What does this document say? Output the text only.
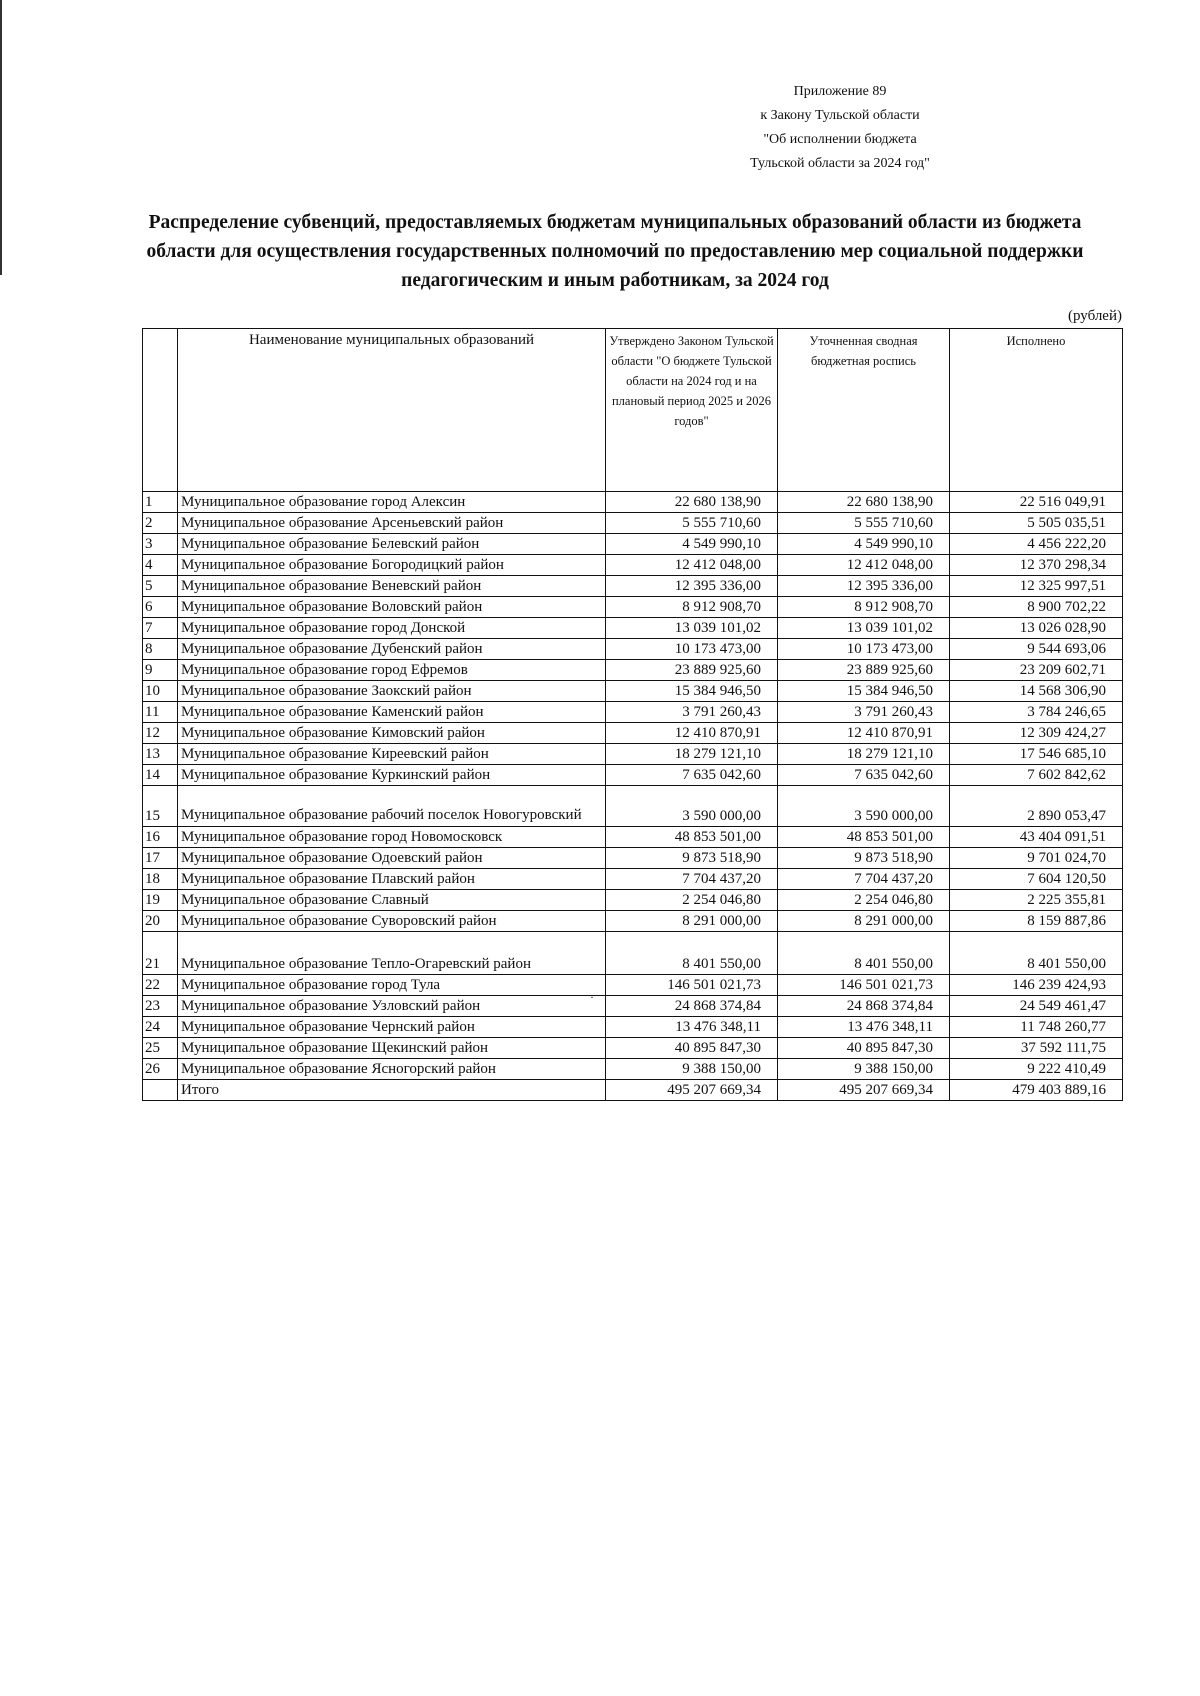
Приложение 89
к Закону Тульской области
"Об исполнении бюджета
Тульской области за 2024 год"
Распределение субвенций, предоставляемых бюджетам муниципальных образований области из бюджета области для осуществления государственных полномочий по предоставлению мер социальной поддержки педагогическим и иным работникам, за 2024 год
(рублей)
	Наименование муниципальных образований	Утверждено Законом Тульской области "О бюджете Тульской области на 2024 год и на плановый период 2025 и 2026 годов"	Уточненная сводная бюджетная роспись	Исполнено
1	Муниципальное образование город Алексин	22 680 138,90	22 680 138,90	22 516 049,91
2	Муниципальное образование Арсеньевский район	5 555 710,60	5 555 710,60	5 505 035,51
3	Муниципальное образование Белевский район	4 549 990,10	4 549 990,10	4 456 222,20
4	Муниципальное образование Богородицкий район	12 412 048,00	12 412 048,00	12 370 298,34
5	Муниципальное образование Веневский район	12 395 336,00	12 395 336,00	12 325 997,51
6	Муниципальное образование Воловский район	8 912 908,70	8 912 908,70	8 900 702,22
7	Муниципальное образование город Донской	13 039 101,02	13 039 101,02	13 026 028,90
8	Муниципальное образование Дубенский район	10 173 473,00	10 173 473,00	9 544 693,06
9	Муниципальное образование город Ефремов	23 889 925,60	23 889 925,60	23 209 602,71
10	Муниципальное образование Заокский район	15 384 946,50	15 384 946,50	14 568 306,90
11	Муниципальное образование Каменский район	3 791 260,43	3 791 260,43	3 784 246,65
12	Муниципальное образование Кимовский район	12 410 870,91	12 410 870,91	12 309 424,27
13	Муниципальное образование Киреевский район	18 279 121,10	18 279 121,10	17 546 685,10
14	Муниципальное образование Куркинский район	7 635 042,60	7 635 042,60	7 602 842,62
15	Муниципальное образование рабочий поселок Новогуровский	3 590 000,00	3 590 000,00	2 890 053,47
16	Муниципальное образование город Новомосковск	48 853 501,00	48 853 501,00	43 404 091,51
17	Муниципальное образование Одоевский район	9 873 518,90	9 873 518,90	9 701 024,70
18	Муниципальное образование Плавский район	7 704 437,20	7 704 437,20	7 604 120,50
19	Муниципальное образование Славный	2 254 046,80	2 254 046,80	2 225 355,81
20	Муниципальное образование Суворовский район	8 291 000,00	8 291 000,00	8 159 887,86
21	Муниципальное образование Тепло-Огаревский район	8 401 550,00	8 401 550,00	8 401 550,00
22	Муниципальное образование город Тула	146 501 021,73	146 501 021,73	146 239 424,93
23	Муниципальное образование Узловский район	24 868 374,84	24 868 374,84	24 549 461,47
24	Муниципальное образование Чернский район	13 476 348,11	13 476 348,11	11 748 260,77
25	Муниципальное образование Щекинский район	40 895 847,30	40 895 847,30	37 592 111,75
26	Муниципальное образование Ясногорский район	9 388 150,00	9 388 150,00	9 222 410,49
	Итого	495 207 669,34	495 207 669,34	479 403 889,16
·
